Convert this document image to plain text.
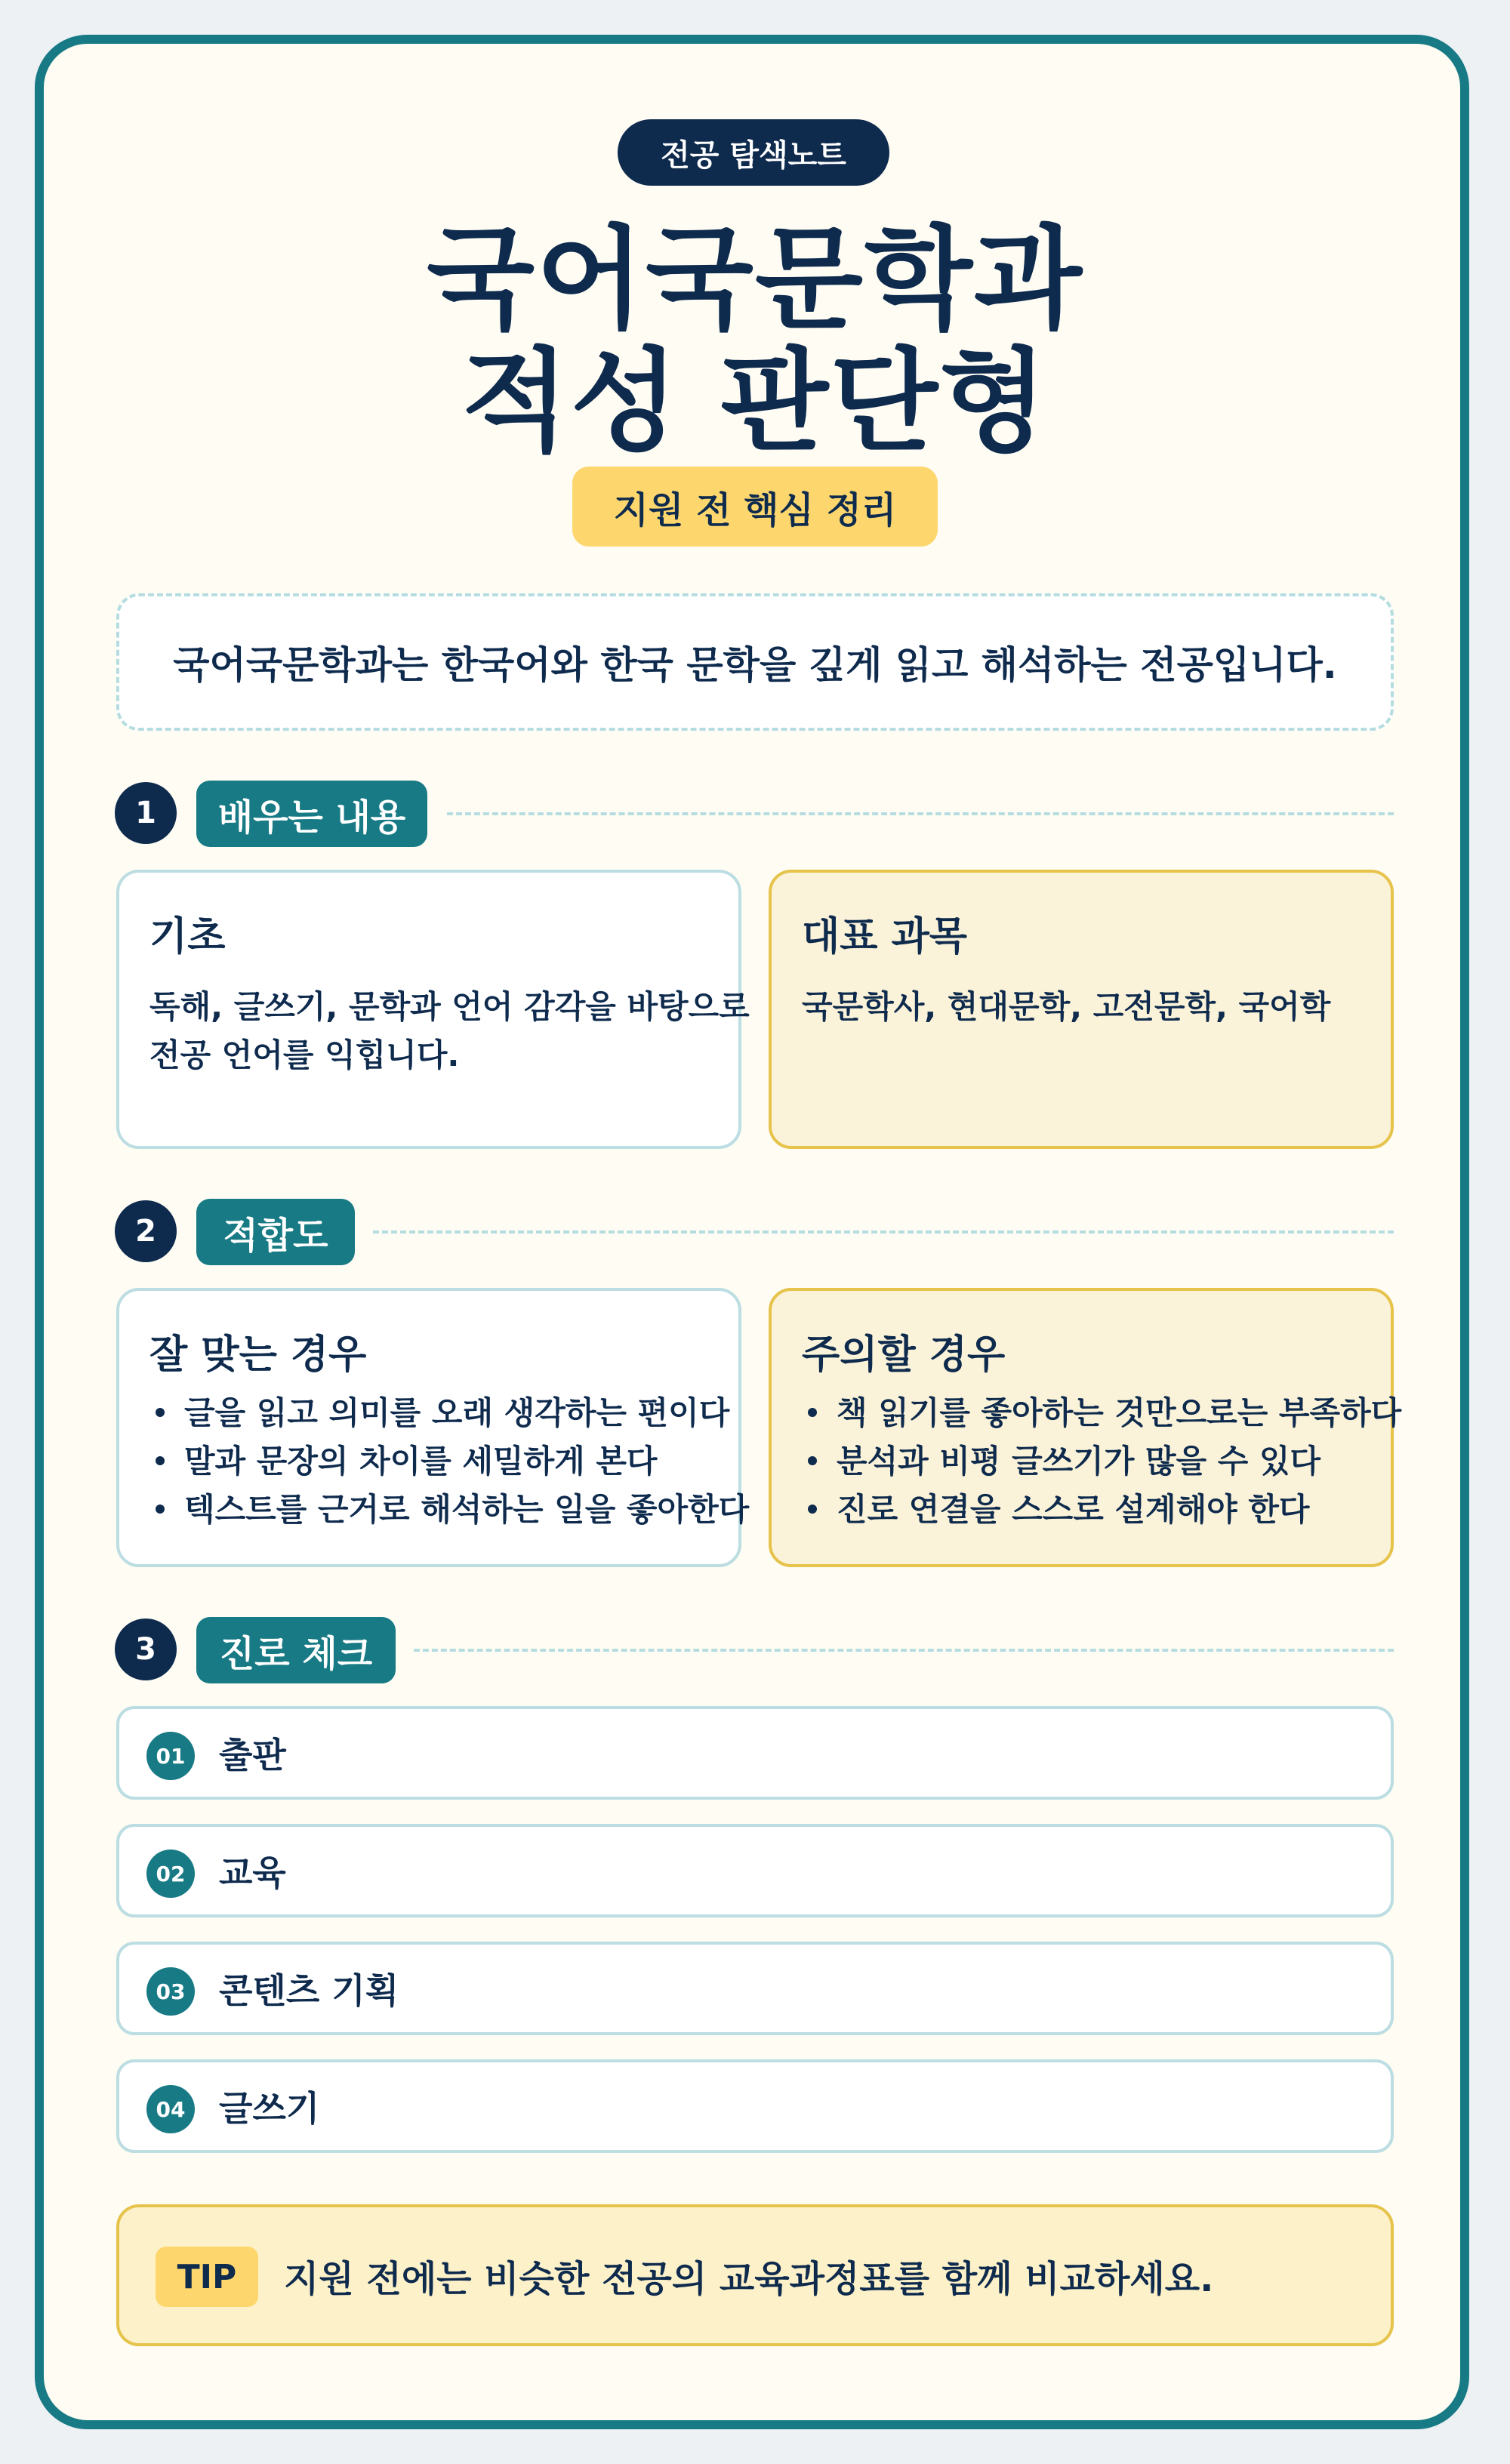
전공 탐색노트
국어국문학과
적성 판단형
지원 전 핵심 정리
국어국문학과는 한국어와 한국 문학을 깊게 읽고 해석하는 전공입니다.
1	배우는 내용
기초
독해, 글쓰기, 문학과 언어 감각을 바탕으로
전공 언어를 익힙니다.
대표 과목
국문학사, 현대문학, 고전문학, 국어학
2	적합도
잘 맞는 경우
글을 읽고 의미를 오래 생각하는 편이다
말과 문장의 차이를 세밀하게 본다
텍스트를 근거로 해석하는 일을 좋아한다
주의할 경우
책 읽기를 좋아하는 것만으로는 부족하다
분석과 비평 글쓰기가 많을 수 있다
진로 연결을 스스로 설계해야 한다
3	진로 체크
01 출판
02 교육
03 콘텐츠 기획
04 글쓰기
TIP	지원 전에는 비슷한 전공의 교육과정표를 함께 비교하세요.
